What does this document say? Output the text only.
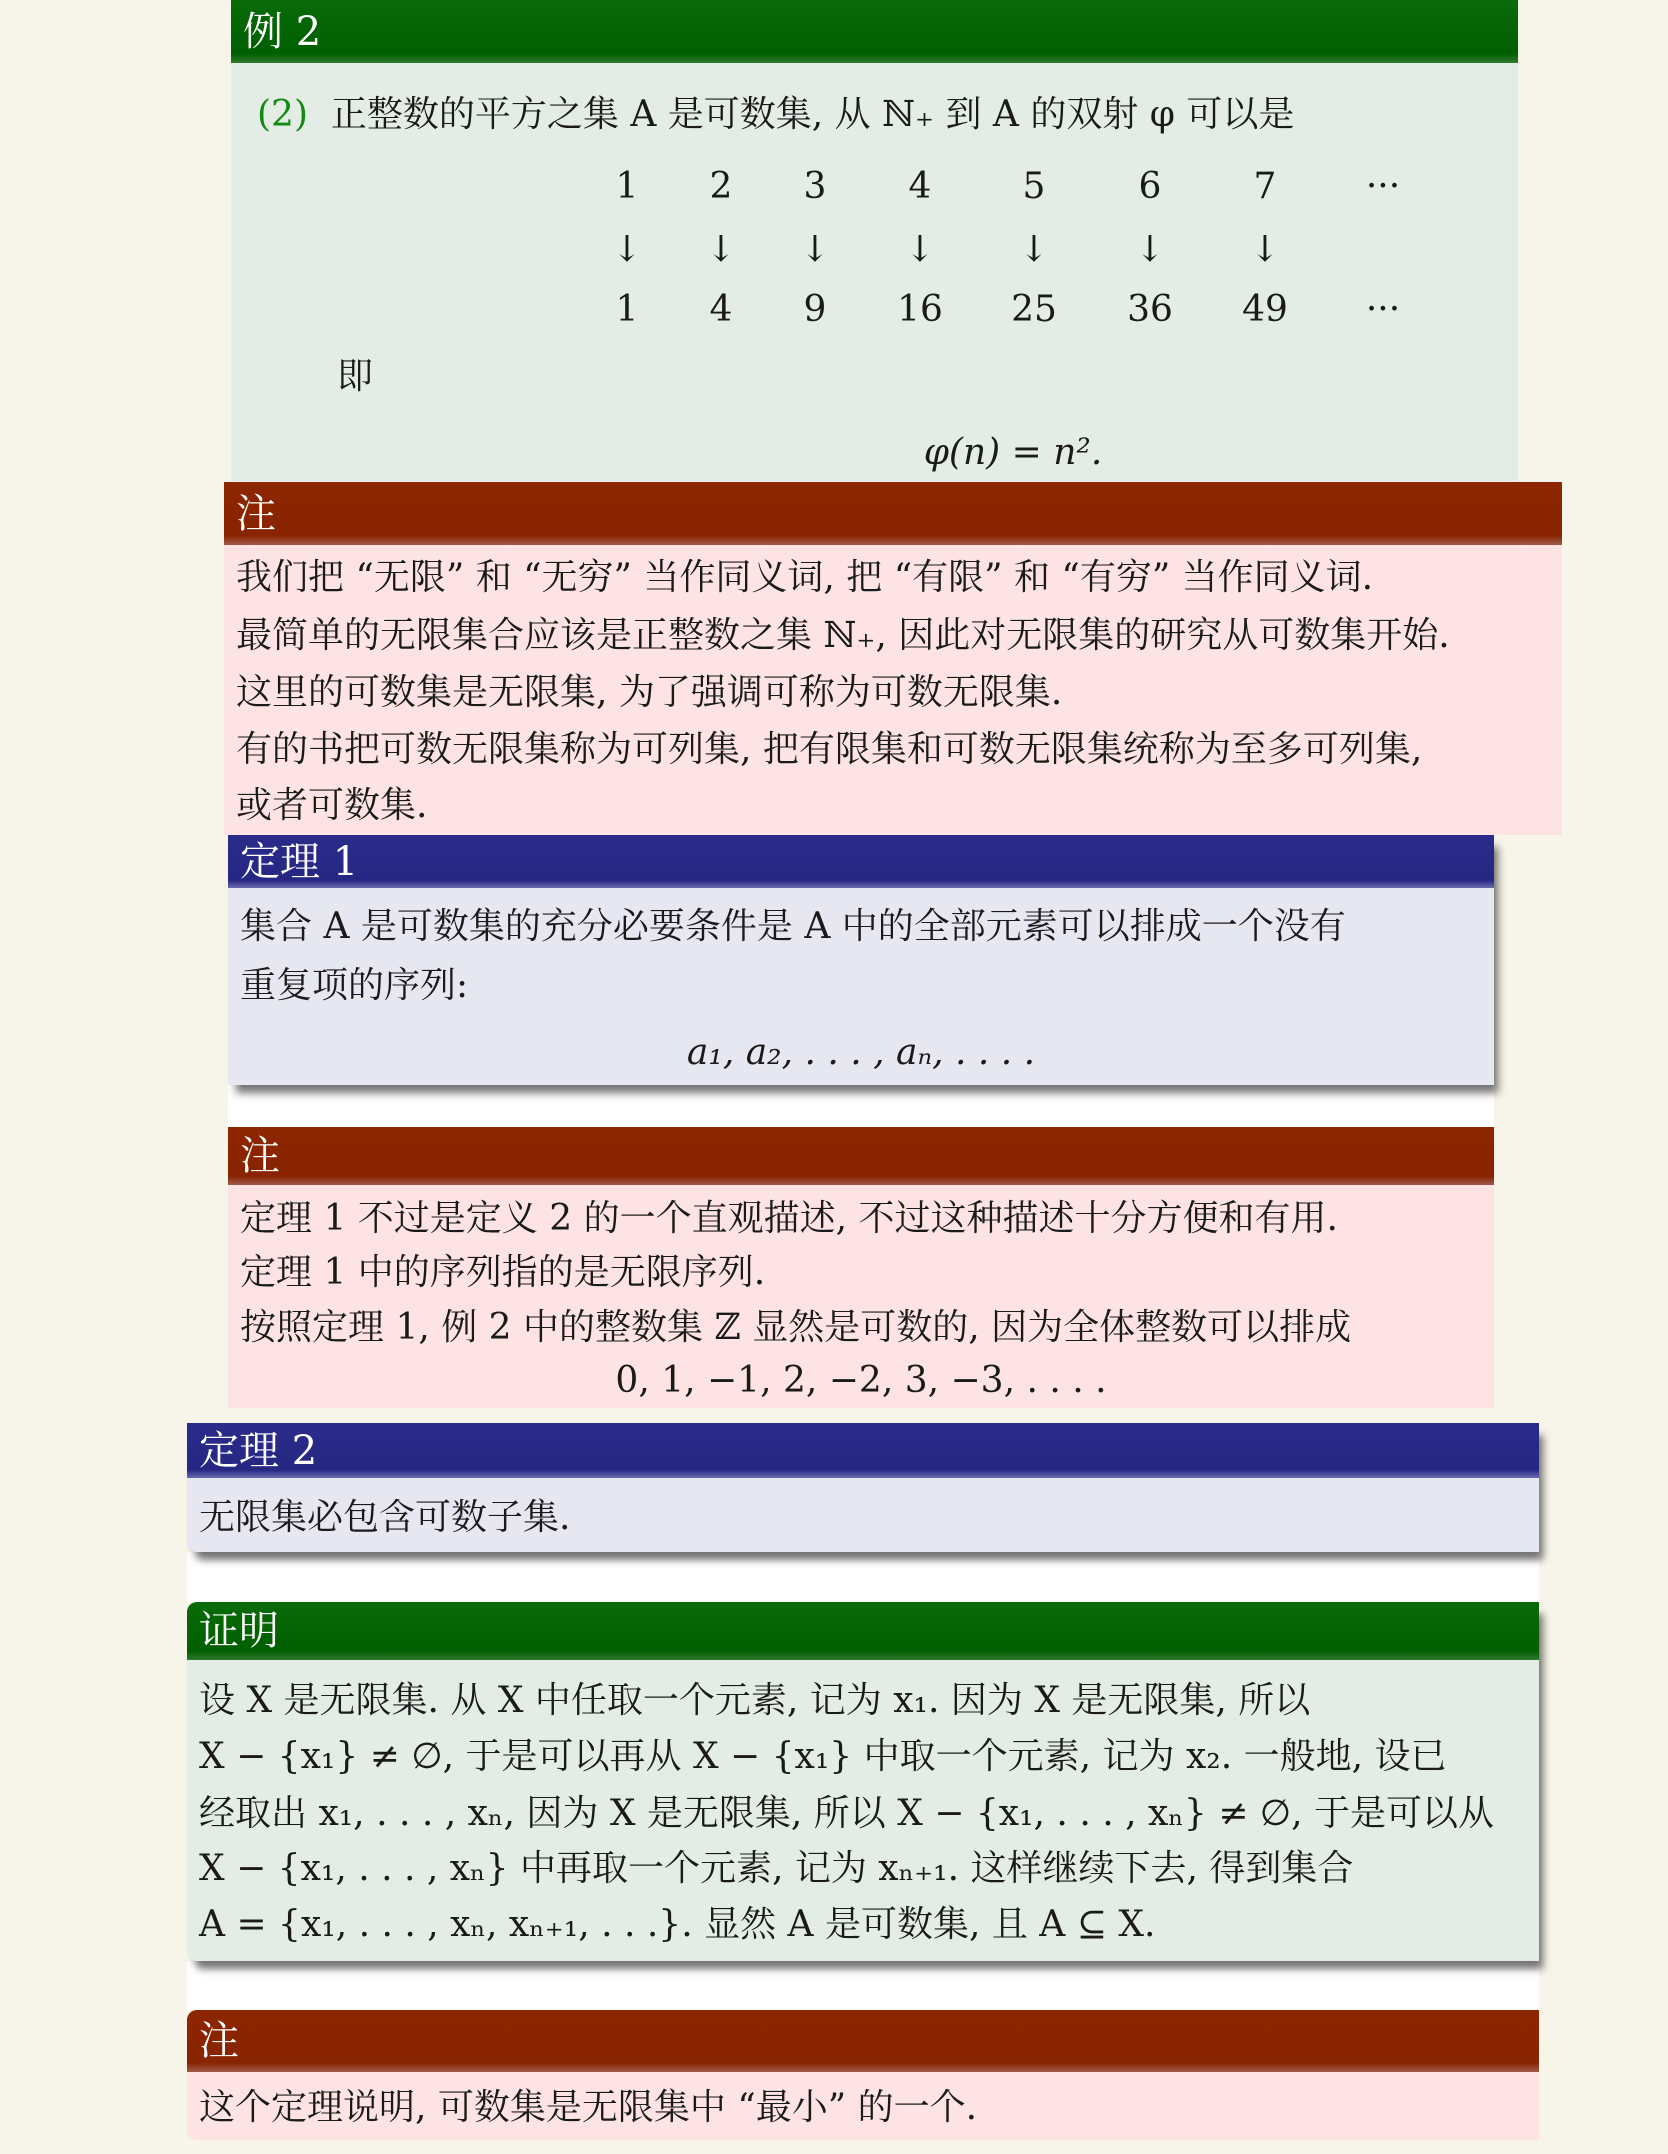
例 2
(2) 正整数的平方之集 A 是可数集, 从 ℕ₊ 到 A 的双射 φ 可以是
1 2 3 4	5	6	7 ···
↓ ↓ ↓ ↓ ↓ ↓ ↓
1 4 9 16 25 36 49 ···
即
φ(n) = n².
注
我们把 “无限” 和 “无穷” 当作同义词, 把 “有限” 和 “有穷” 当作同义词.
最简单的无限集合应该是正整数之集 ℕ₊, 因此对无限集的研究从可数集开始.
这里的可数集是无限集, 为了强调可称为可数无限集.
有的书把可数无限集称为可列集, 把有限集和可数无限集统称为至多可列集,
或者可数集.
定理 1
集合 A 是可数集的充分必要条件是 A 中的全部元素可以排成一个没有
重复项的序列:
a₁, a₂, . . . , aₙ, . . . .
注
定理 1 不过是定义 2 的一个直观描述, 不过这种描述十分方便和有用.
定理 1 中的序列指的是无限序列.
按照定理 1, 例 2 中的整数集 ℤ 显然是可数的, 因为全体整数可以排成
0, 1, −1, 2, −2, 3, −3, . . . .
定理 2
无限集必包含可数子集.
证明
设 X 是无限集. 从 X 中任取一个元素, 记为 x₁. 因为 X 是无限集, 所以
X − {x₁} ≠ ∅, 于是可以再从 X − {x₁} 中取一个元素, 记为 x₂. 一般地, 设已
经取出 x₁, . . . , xₙ, 因为 X 是无限集, 所以 X − {x₁, . . . , xₙ} ≠ ∅, 于是可以从
X − {x₁, . . . , xₙ} 中再取一个元素, 记为 xₙ₊₁. 这样继续下去, 得到集合
A = {x₁, . . . , xₙ, xₙ₊₁, . . .}. 显然 A 是可数集, 且 A ⊆ X.
注
这个定理说明, 可数集是无限集中 “最小” 的一个.
